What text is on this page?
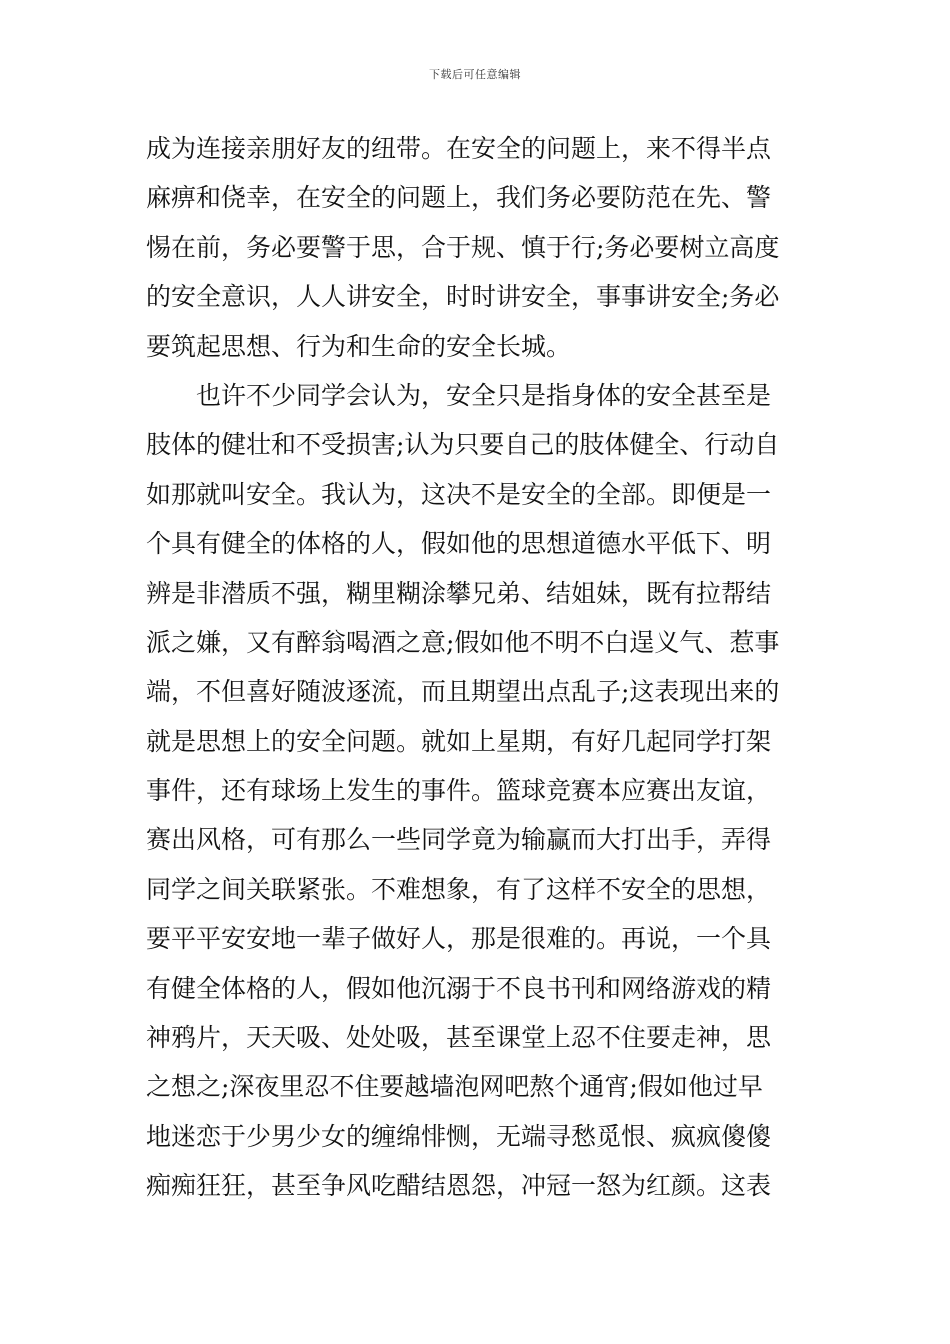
下载后可任意编辑
成为连接亲朋好友的纽带。在安全的问题上，来不得半点
麻痹和侥幸，在安全的问题上，我们务必要防范在先、警
惕在前，务必要警于思，合于规、慎于行;务必要树立高度
的安全意识，人人讲安全，时时讲安全，事事讲安全;务必
要筑起思想、行为和生命的安全长城。
　　也许不少同学会认为，安全只是指身体的安全甚至是
肢体的健壮和不受损害;认为只要自己的肢体健全、行动自
如那就叫安全。我认为，这决不是安全的全部。即便是一
个具有健全的体格的人，假如他的思想道德水平低下、明
辨是非潜质不强，糊里糊涂攀兄弟、结姐妹，既有拉帮结
派之嫌，又有醉翁喝酒之意;假如他不明不白逞义气、惹事
端，不但喜好随波逐流，而且期望出点乱子;这表现出来的
就是思想上的安全问题。就如上星期，有好几起同学打架
事件，还有球场上发生的事件。篮球竞赛本应赛出友谊，
赛出风格，可有那么一些同学竟为输赢而大打出手，弄得
同学之间关联紧张。不难想象，有了这样不安全的思想，
要平平安安地一辈子做好人，那是很难的。再说，一个具
有健全体格的人，假如他沉溺于不良书刊和网络游戏的精
神鸦片，天天吸、处处吸，甚至课堂上忍不住要走神，思
之想之;深夜里忍不住要越墙泡网吧熬个通宵;假如他过早
地迷恋于少男少女的缠绵悱恻，无端寻愁觅恨、疯疯傻傻
痴痴狂狂，甚至争风吃醋结恩怨，冲冠一怒为红颜。这表
